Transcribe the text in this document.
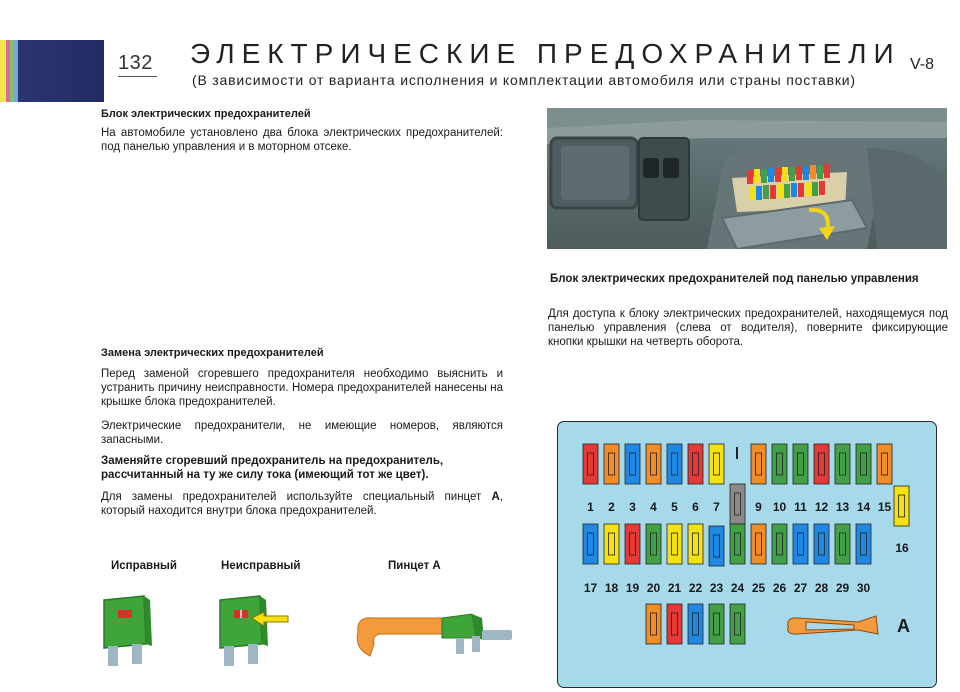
132 ЭЛЕКТРИЧЕСКИЕ ПРЕДОХРАНИТЕЛИ
(В зависимости от варианта исполнения и комплектации автомобиля или страны поставки)
V-8
Блок электрических предохранителей
На автомобиле установлено два блока электрических предохранителей: под панелью управления и в моторном отсеке.
Блок электрических предохранителей под панелью управления
Для доступа к блоку электрических предохранителей, находящемуся под панелью управления (слева от водителя), поверните фиксирующие кнопки крышки на четверть оборота.
Замена электрических предохранителей
Перед заменой сгоревшего предохранителя необходимо выяснить и устранить причину неисправности. Номера предохранителей нанесены на крышке блока предохранителей.
Электрические предохранители, не имеющие номеров, являются запасными.
Заменяйте сгоревший предохранитель на предохранитель, рассчитанный на ту же силу тока (имеющий тот же цвет).
Для замены предохранителей используйте специальный пинцет А, который находится внутри блока предохранителей.
Исправный	Неисправный	Пинцет А
1 2 3 4 5 6 7	9 10 11 12 13 14 15
16
17 18 19 20 21 22 23 24 25 26 27 28 29 30
A
